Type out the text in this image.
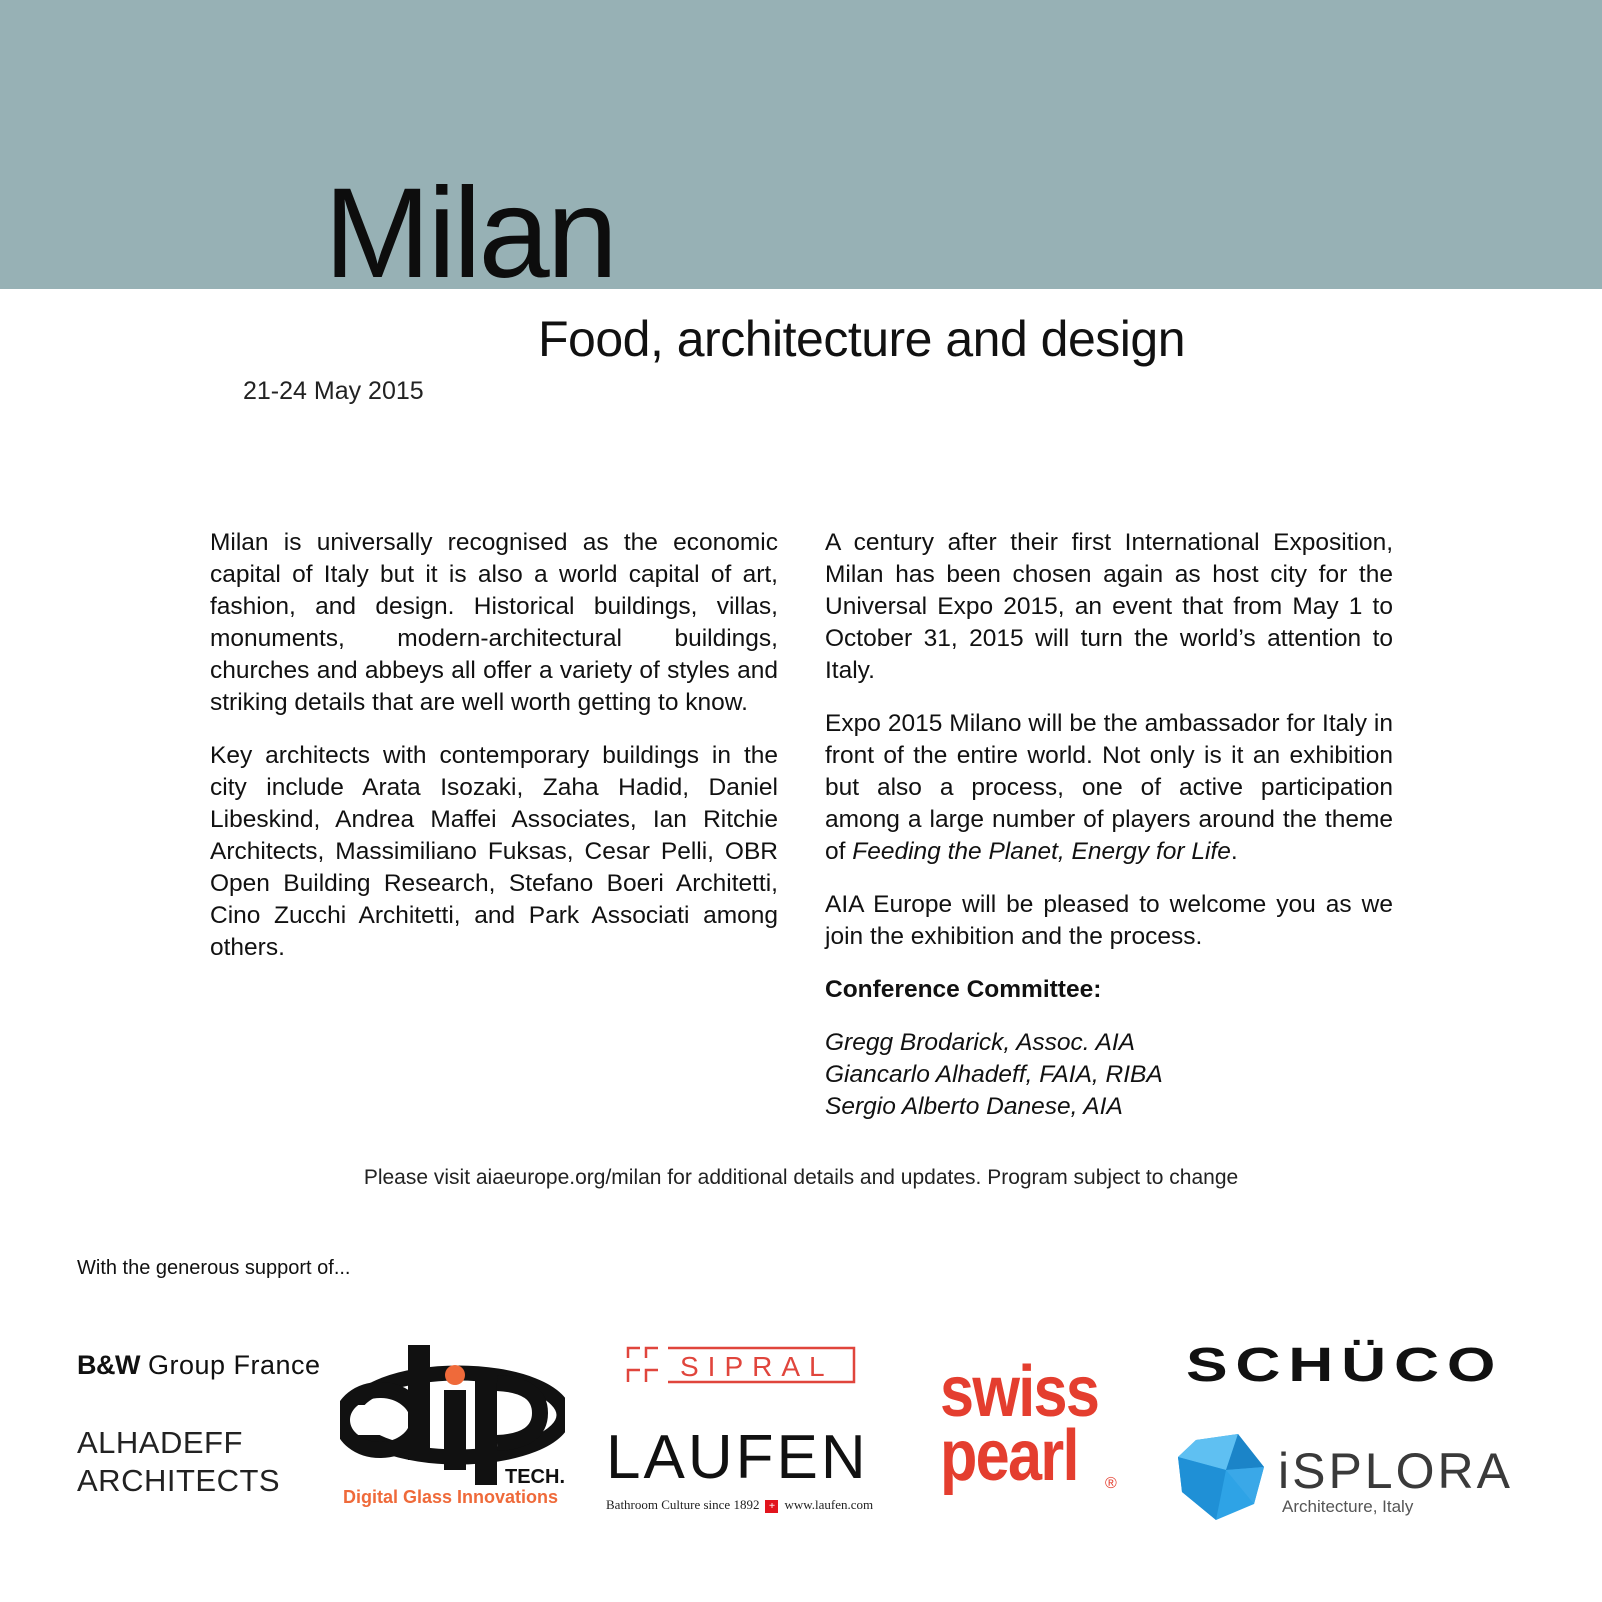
Milan
Food, architecture and design
21-24 May 2015

Milan is universally recognised as the economic capital of Italy but it is also a world capital of art, fashion, and design. Historical buildings, villas, monuments, modern-architectural buildings, churches and abbeys all offer a variety of styles and striking details that are well worth getting to know.

Key architects with contemporary buildings in the city include Arata Isozaki, Zaha Hadid, Daniel Libeskind, Andrea Maffei Associates, Ian Ritchie Architects, Massimiliano Fuksas, Cesar Pelli, OBR Open Building Research, Stefano Boeri Architetti, Cino Zucchi Architetti, and Park Associati among others.

A century after their first International Exposition, Milan has been chosen again as host city for the Universal Expo 2015, an event that from May 1 to October 31, 2015 will turn the world’s attention to Italy.

Expo 2015 Milano will be the ambassador for Italy in front of the entire world. Not only is it an exhibition but also a process, one of active participation among a large number of players around the theme of Feeding the Planet, Energy for Life.

AIA Europe will be pleased to welcome you as we join the exhibition and the process.

Conference Committee:

Gregg Brodarick, Assoc. AIA
Giancarlo Alhadeff, FAIA, RIBA
Sergio Alberto Danese, AIA
Please visit aiaeurope.org/milan for additional details and updates. Program subject to change
With the generous support of...
B&W Group France
ALHADEFF
ARCHITECTS	TECH.
Digital Glass Innovations
SIPRAL
LAUFEN
Bathroom Culture since 1892 + www.laufen.com
swiss
pearl	®
SCHÜCO
iSPLORA
Architecture, Italy
